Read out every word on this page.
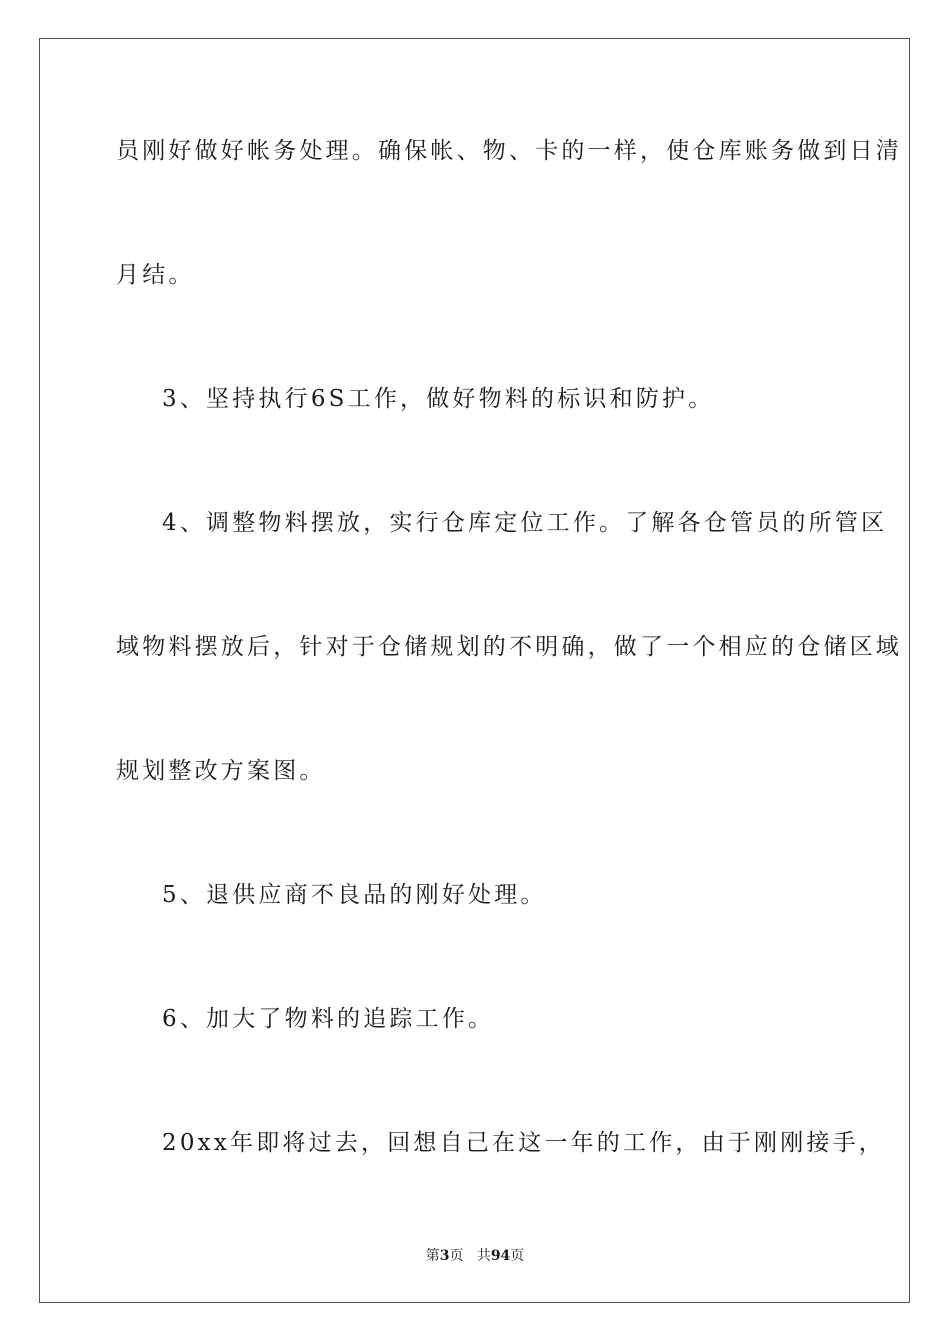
员刚好做好帐务处理。确保帐、物、卡的一样，使仓库账务做到日清
月结。
3、坚持执行6S工作，做好物料的标识和防护。
4、调整物料摆放，实行仓库定位工作。了解各仓管员的所管区
域物料摆放后，针对于仓储规划的不明确，做了一个相应的仓储区域
规划整改方案图。
5、退供应商不良品的刚好处理。
6、加大了物料的追踪工作。
20xx年即将过去，回想自己在这一年的工作，由于刚刚接手，
第3页 共94页
